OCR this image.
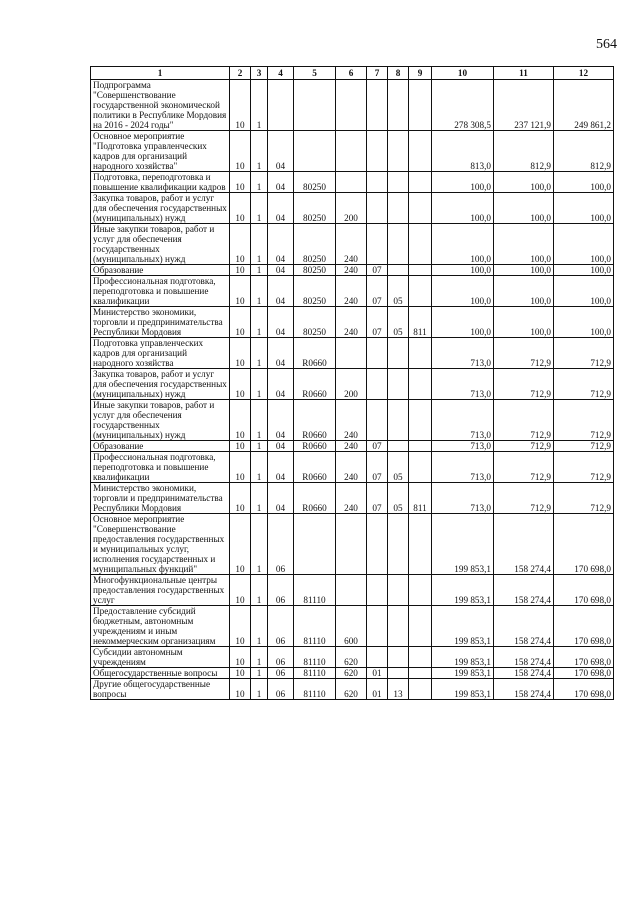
564
1	2	3	4	5	6	7	8	9	10	11	12
Подпрограмма "Совершенствование государственной экономической политики в Республике Мордовия на 2016 - 2024 годы"	10	1							278 308,5	237 121,9	249 861,2
Основное мероприятие "Подготовка управленческих кадров для организаций народного хозяйства"	10	1	04						813,0	812,9	812,9
Подготовка, переподготовка и повышение квалификации кадров	10	1	04	80250					100,0	100,0	100,0
Закупка товаров, работ и услуг для обеспечения государственных (муниципальных) нужд	10	1	04	80250	200				100,0	100,0	100,0
Иные закупки товаров, работ и услуг для обеспечения государственных (муниципальных) нужд	10	1	04	80250	240				100,0	100,0	100,0
Образование	10	1	04	80250	240	07			100,0	100,0	100,0
Профессиональная подготовка, переподготовка и повышение квалификации	10	1	04	80250	240	07	05		100,0	100,0	100,0
Министерство экономики, торговли и предпринимательства Республики Мордовия	10	1	04	80250	240	07	05	811	100,0	100,0	100,0
Подготовка управленческих кадров для организаций народного хозяйства	10	1	04	R0660					713,0	712,9	712,9
Закупка товаров, работ и услуг для обеспечения государственных (муниципальных) нужд	10	1	04	R0660	200				713,0	712,9	712,9
Иные закупки товаров, работ и услуг для обеспечения государственных (муниципальных) нужд	10	1	04	R0660	240				713,0	712,9	712,9
Образование	10	1	04	R0660	240	07			713,0	712,9	712,9
Профессиональная подготовка, переподготовка и повышение квалификации	10	1	04	R0660	240	07	05		713,0	712,9	712,9
Министерство экономики, торговли и предпринимательства Республики Мордовия	10	1	04	R0660	240	07	05	811	713,0	712,9	712,9
Основное мероприятие "Совершенствование предоставления государственных и муниципальных услуг, исполнения государственных и муниципальных функций"	10	1	06						199 853,1	158 274,4	170 698,0
Многофункциональные центры предоставления государственных услуг	10	1	06	81110					199 853,1	158 274,4	170 698,0
Предоставление субсидий бюджетным, автономным учреждениям и иным некоммерческим организациям	10	1	06	81110	600				199 853,1	158 274,4	170 698,0
Субсидии автономным учреждениям	10	1	06	81110	620				199 853,1	158 274,4	170 698,0
Общегосударственные вопросы	10	1	06	81110	620	01			199 853,1	158 274,4	170 698,0
Другие общегосударственные вопросы	10	1	06	81110	620	01	13		199 853,1	158 274,4	170 698,0
